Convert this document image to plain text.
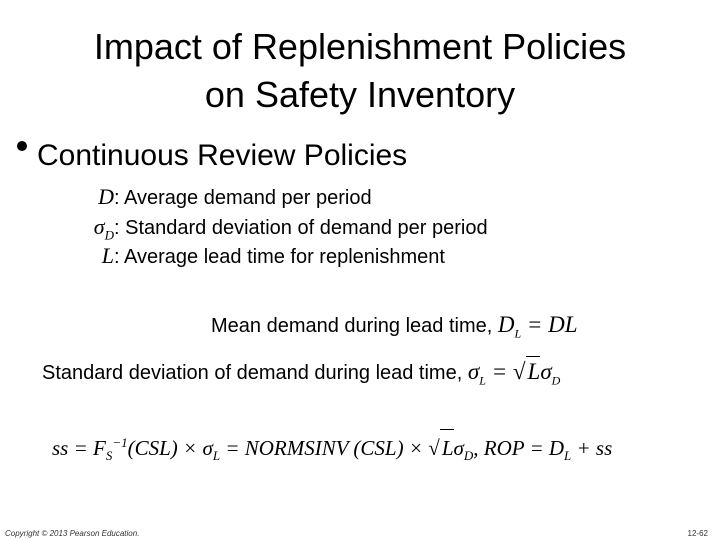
Impact of Replenishment Policies
on Safety Inventory
Continuous Review Policies
D: Average demand per period
$\sigma_D$: Standard deviation of demand per period
L: Average lead time for replenishment
Mean demand during lead time, $D_L$ = DL
Standard deviation of demand during lead time, $\sigma_L = √L\sigma_D$
ss = $F_S^{-1}(CSL) \times \sigma_L$ = NORMSINV $(CSL) \times √L\sigma_D$, ROP = $D_L$ + ss
Copyright © 2013 Pearson Education.	12-62
